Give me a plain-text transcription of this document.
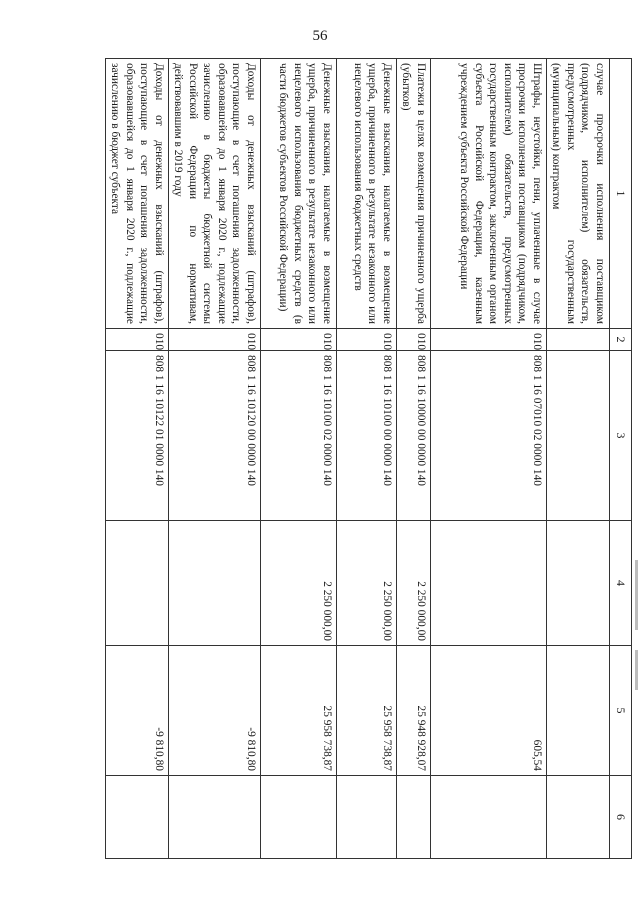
56
1	2	3	4	5	6
случае просрочки исполнения поставщиком (подрядчиком, исполнителем) обязательств, предусмотренных государственным (муниципальным) контрактом					
Штрафы, неустойки, пени, уплаченные в случае просрочки исполнения поставщиком (подрядчиком, исполнителем) обязательств, предусмотренных государственным контрактом, заключенным органом субъекта Российской Федерации, казенным учреждением субъекта Российской Федерации	010	808 1 16 07010 02 0000 140		605,54	
Платежи в целях возмещения причиненного ущерба (убытков)	010	808 1 16 10000 00 0000 140	2 250 000,00	25 948 928,07	
Денежные взыскания, налагаемые в возмещение ущерба, причиненного в результате незаконного или нецелевого использования бюджетных средств	010	808 1 16 10100 00 0000 140	2 250 000,00	25 958 738,87	
Денежные взыскания, налагаемые в возмещение ущерба, причиненного в результате незаконного или нецелевого использования бюджетных средств (в части бюджетов субъектов Российской Федерации)	010	808 1 16 10100 02 0000 140	2 250 000,00	25 958 738,87	
Доходы от денежных взысканий (штрафов), поступающие в счет погашения задолженности, образовавшейся до 1 января 2020 г., подлежащие зачислению в бюджеты бюджетной системы Российской Федерации по нормативам, действовавшим в 2019 году	010	808 1 16 10120 00 0000 140		-9 810,80	
Доходы от денежных взысканий (штрафов), поступающие в счет погашения задолженности, образовавшейся до 1 января 2020 г., подлежащие зачислению в бюджет субъекта	010	808 1 16 10122 01 0000 140		-9 810,80	
